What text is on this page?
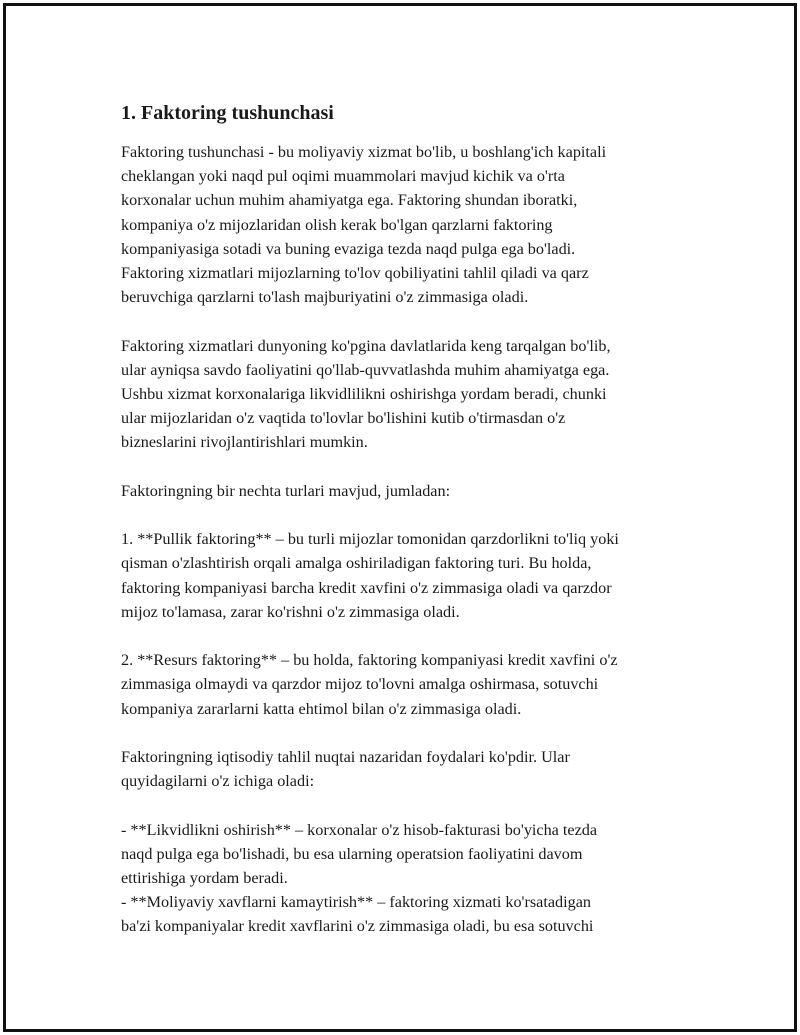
1. Faktoring tushunchasi

Faktoring tushunchasi - bu moliyaviy xizmat bo'lib, u boshlang'ich kapitali
cheklangan yoki naqd pul oqimi muammolari mavjud kichik va o'rta
korxonalar uchun muhim ahamiyatga ega. Faktoring shundan iboratki,
kompaniya o'z mijozlaridan olish kerak bo'lgan qarzlarni faktoring
kompaniyasiga sotadi va buning evaziga tezda naqd pulga ega bo'ladi.
Faktoring xizmatlari mijozlarning to'lov qobiliyatini tahlil qiladi va qarz
beruvchiga qarzlarni to'lash majburiyatini o'z zimmasiga oladi.

Faktoring xizmatlari dunyoning ko'pgina davlatlarida keng tarqalgan bo'lib,
ular ayniqsa savdo faoliyatini qo'llab-quvvatlashda muhim ahamiyatga ega.
Ushbu xizmat korxonalariga likvidlilikni oshirishga yordam beradi, chunki
ular mijozlaridan o'z vaqtida to'lovlar bo'lishini kutib o'tirmasdan o'z
bizneslarini rivojlantirishlari mumkin.

Faktoringning bir nechta turlari mavjud, jumladan:

1. **Pullik faktoring** – bu turli mijozlar tomonidan qarzdorlikni to'liq yoki
qisman o'zlashtirish orqali amalga oshiriladigan faktoring turi. Bu holda,
faktoring kompaniyasi barcha kredit xavfini o'z zimmasiga oladi va qarzdor
mijoz to'lamasa, zarar ko'rishni o'z zimmasiga oladi.

2. **Resurs faktoring** – bu holda, faktoring kompaniyasi kredit xavfini o'z
zimmasiga olmaydi va qarzdor mijoz to'lovni amalga oshirmasa, sotuvchi
kompaniya zararlarni katta ehtimol bilan o'z zimmasiga oladi.

Faktoringning iqtisodiy tahlil nuqtai nazaridan foydalari ko'pdir. Ular
quyidagilarni o'z ichiga oladi:

- **Likvidlikni oshirish** – korxonalar o'z hisob-fakturasi bo'yicha tezda
naqd pulga ega bo'lishadi, bu esa ularning operatsion faoliyatini davom
ettirishiga yordam beradi.
- **Moliyaviy xavflarni kamaytirish** – faktoring xizmati ko'rsatadigan
ba'zi kompaniyalar kredit xavflarini o'z zimmasiga oladi, bu esa sotuvchi
